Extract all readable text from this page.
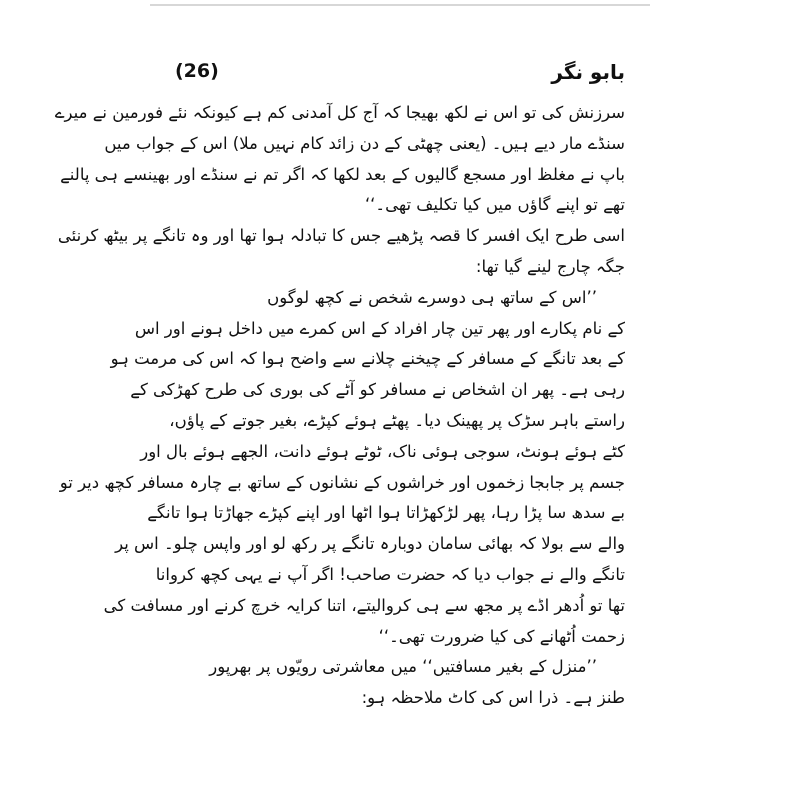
(26)	بابو نگر
سرزنش کی تو اس نے لکھ بھیجا کہ آج کل آمدنی کم ہے کیونکہ نئے فورمین نے میرے
سنڈے مار دیے ہیں۔ (یعنی چھٹی کے دن زائد کام نہیں ملا) اس کے جواب میں
باپ نے مغلظ اور مسجع گالیوں کے بعد لکھا کہ اگر تم نے سنڈے اور بھینسے ہی پالنے
تھے تو اپنے گاؤں میں کیا تکلیف تھی۔‘‘
اسی طرح ایک افسر کا قصہ پڑھیے جس کا تبادلہ ہوا تھا اور وہ تانگے پر بیٹھ کرنئی
جگہ چارج لینے گیا تھا:
’’اس کے ساتھ ہی دوسرے شخص نے کچھ لوگوں
کے نام پکارے اور پھر تین چار افراد کے اس کمرے میں داخل ہونے اور اس
کے بعد تانگے کے مسافر کے چیخنے چلانے سے واضح ہوا کہ اس کی مرمت ہو
رہی ہے۔ پھر ان اشخاص نے مسافر کو آٹے کی بوری کی طرح کھڑکی کے
راستے باہر سڑک پر پھینک دیا۔ پھٹے ہوئے کپڑے، بغیر جوتے کے پاؤں،
کٹے ہوئے ہونٹ، سوجی ہوئی ناک، ٹوٹے ہوئے دانت، الجھے ہوئے بال اور
جسم پر جابجا زخموں اور خراشوں کے نشانوں کے ساتھ بے چارہ مسافر کچھ دیر تو
بے سدھ سا پڑا رہا، پھر لڑکھڑاتا ہوا اٹھا اور اپنے کپڑے جھاڑتا ہوا تانگے
والے سے بولا کہ بھائی سامان دوبارہ تانگے پر رکھ لو اور واپس چلو۔ اس پر
تانگے والے نے جواب دیا کہ حضرت صاحب! اگر آپ نے یہی کچھ کروانا
تھا تو اُدھر اڈے پر مجھ سے ہی کروالیتے، اتنا کرایہ خرچ کرنے اور مسافت کی
زحمت اُٹھانے کی کیا ضرورت تھی۔‘‘
’’منزل کے بغیر مسافتیں‘‘ میں معاشرتی رویّوں پر بھرپور
طنز ہے۔ ذرا اس کی کاٹ ملاحظہ ہو:
